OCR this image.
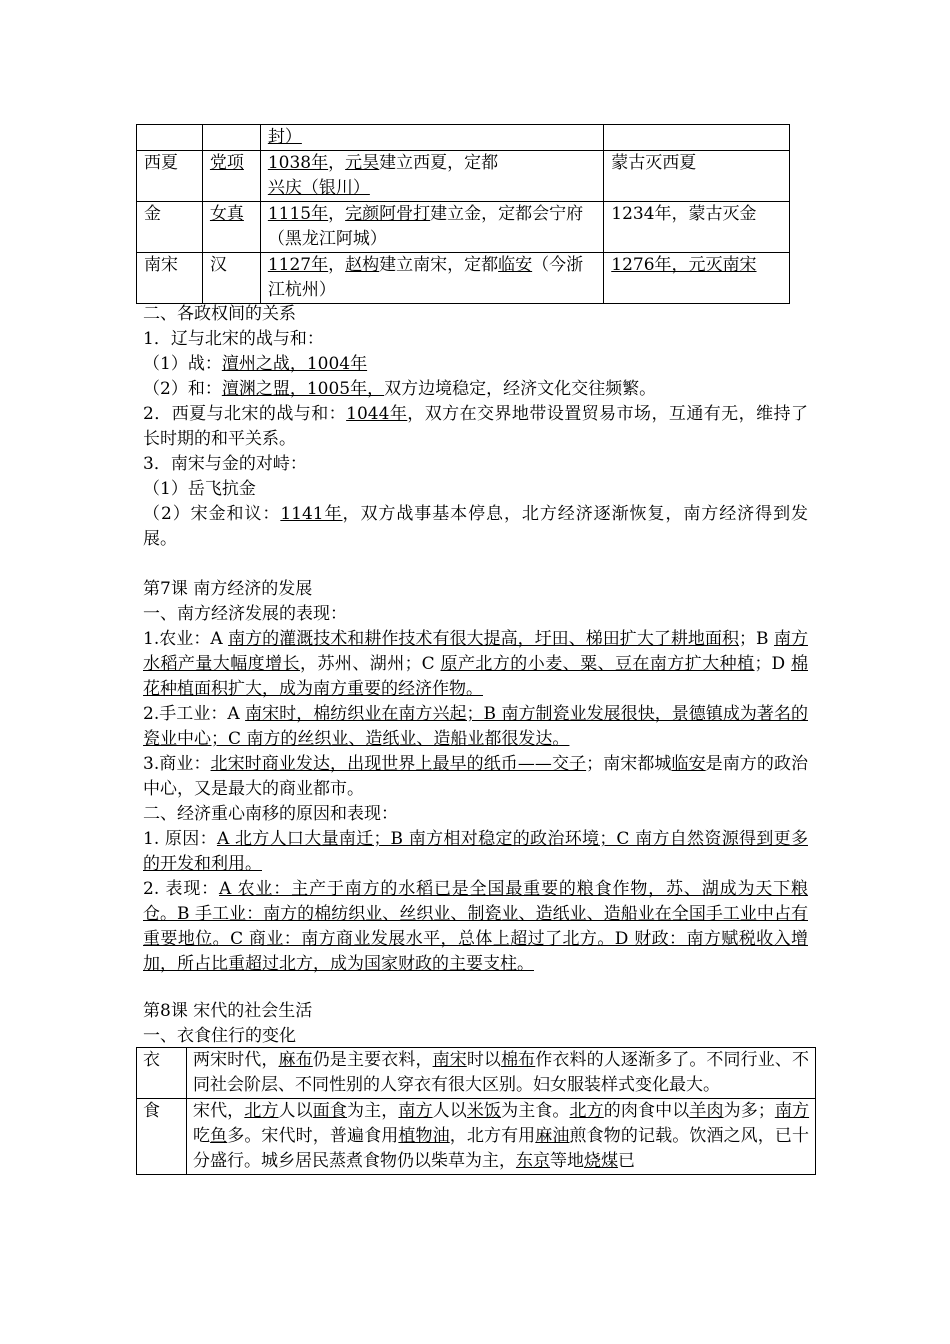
		封）	
西夏	党项	1038年，元昊建立西夏，定都兴庆（银川）	蒙古灭西夏
金	女真	1115年，完颜阿骨打建立金，定都会宁府（黑龙江阿城）	1234年，蒙古灭金
南宋	汉	1127年，赵构建立南宋，定都临安（今浙江杭州）	1276年，元灭南宋

二、各政权间的关系

1．辽与北宋的战与和：

（1）战：澶州之战，1004年

（2）和：澶渊之盟，1005年，双方边境稳定，经济文化交往频繁。

2．西夏与北宋的战与和：1044年，双方在交界地带设置贸易市场，互通有无，维持了长时期的和平关系。

3．南宋与金的对峙：

（1）岳飞抗金

（2）宋金和议：1141年，双方战事基本停息，北方经济逐渐恢复，南方经济得到发展。

第7课 南方经济的发展

一、南方经济发展的表现：

1.农业：A 南方的灌溉技术和耕作技术有很大提高，圩田、梯田扩大了耕地面积；B 南方水稻产量大幅度增长，苏州、湖州；C 原产北方的小麦、粟、豆在南方扩大种植；D 棉花种植面积扩大，成为南方重要的经济作物。

2.手工业：A 南宋时，棉纺织业在南方兴起；B 南方制瓷业发展很快，景德镇成为著名的瓷业中心；C 南方的丝织业、造纸业、造船业都很发达。

3.商业：北宋时商业发达，出现世界上最早的纸币——交子；南宋都城临安是南方的政治中心，又是最大的商业都市。

二、经济重心南移的原因和表现：

1. 原因：A 北方人口大量南迁；B 南方相对稳定的政治环境；C 南方自然资源得到更多的开发和利用。

2. 表现：A 农业：主产于南方的水稻已是全国最重要的粮食作物，苏、湖成为天下粮仓。B 手工业：南方的棉纺织业、丝织业、制瓷业、造纸业、造船业在全国手工业中占有重要地位。C 商业：南方商业发展水平，总体上超过了北方。D 财政：南方赋税收入增加，所占比重超过北方，成为国家财政的主要支柱。

第8课 宋代的社会生活

一、衣食住行的变化

衣	两宋时代，麻布仍是主要衣料，南宋时以棉布作衣料的人逐渐多了。不同行业、不同社会阶层、不同性别的人穿衣有很大区别。妇女服装样式变化最大。
食	宋代，北方人以面食为主，南方人以米饭为主食。北方的肉食中以羊肉为多；南方吃鱼多。宋代时，普遍食用植物油，北方有用麻油煎食物的记载。饮酒之风，已十分盛行。城乡居民蒸煮食物仍以柴草为主，东京等地烧煤已
